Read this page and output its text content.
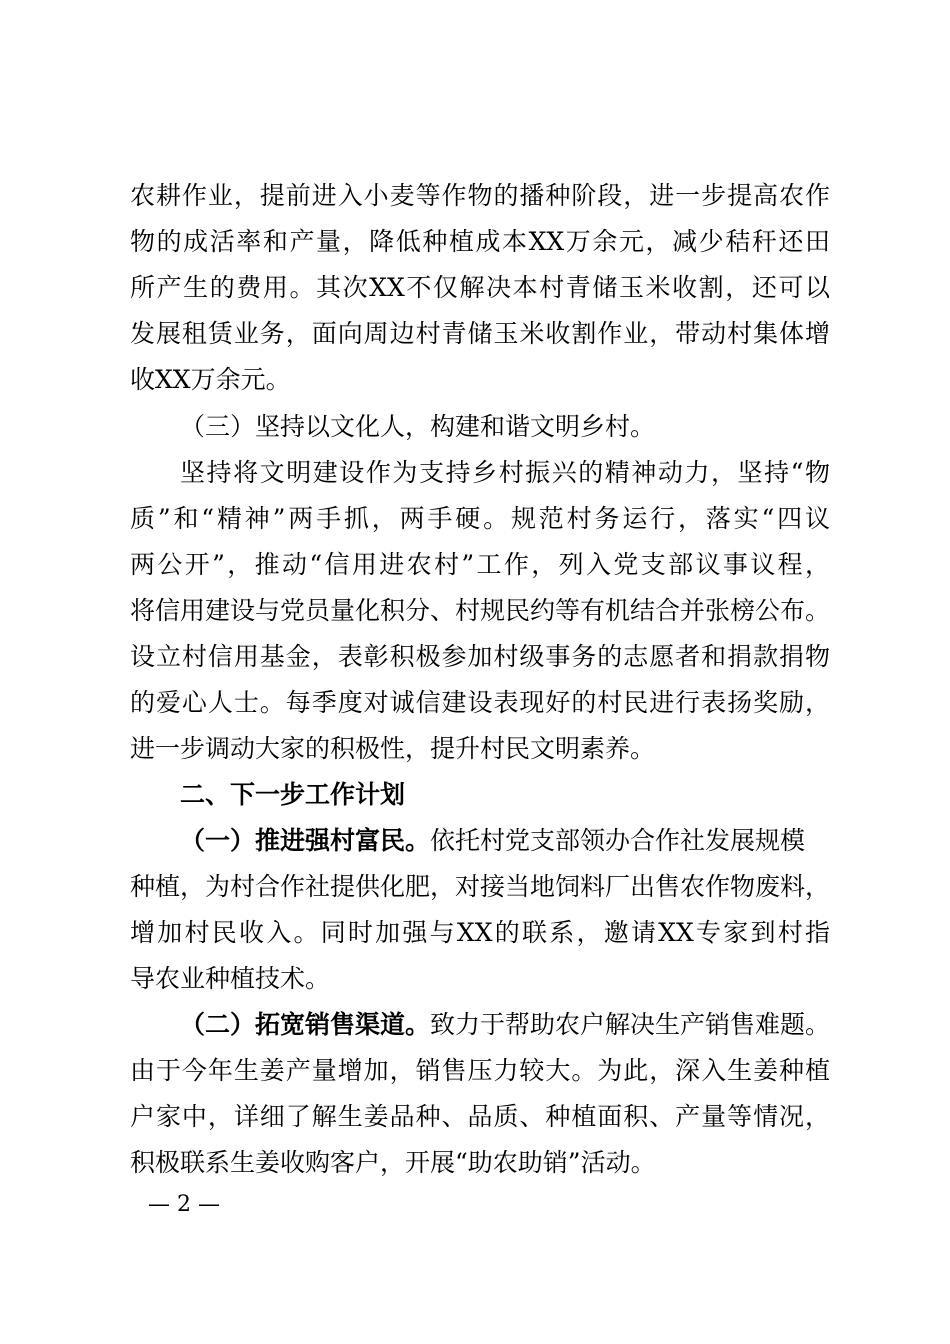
农耕作业，提前进入小麦等作物的播种阶段，进一步提高农作
物的成活率和产量，降低种植成本XX万余元，减少秸秆还田
所产生的费用。其次XX不仅解决本村青储玉米收割，还可以
发展租赁业务，面向周边村青储玉米收割作业，带动村集体增
收XX万余元。
（三）坚持以文化人，构建和谐文明乡村。
坚持将文明建设作为支持乡村振兴的精神动力，坚持“物
质”和“精神”两手抓，两手硬。规范村务运行，落实“四议
两公开”，推动“信用进农村”工作，列入党支部议事议程，
将信用建设与党员量化积分、村规民约等有机结合并张榜公布。
设立村信用基金，表彰积极参加村级事务的志愿者和捐款捐物
的爱心人士。每季度对诚信建设表现好的村民进行表扬奖励，
进一步调动大家的积极性，提升村民文明素养。
二、下一步工作计划
（一）推进强村富民。依托村党支部领办合作社发展规模
种植，为村合作社提供化肥，对接当地饲料厂出售农作物废料，
增加村民收入。同时加强与XX的联系，邀请XX专家到村指
导农业种植技术。
（二）拓宽销售渠道。致力于帮助农户解决生产销售难题。
由于今年生姜产量增加，销售压力较大。为此，深入生姜种植
户家中，详细了解生姜品种、品质、种植面积、产量等情况，
积极联系生姜收购客户，开展“助农助销”活动。
— 2 —
